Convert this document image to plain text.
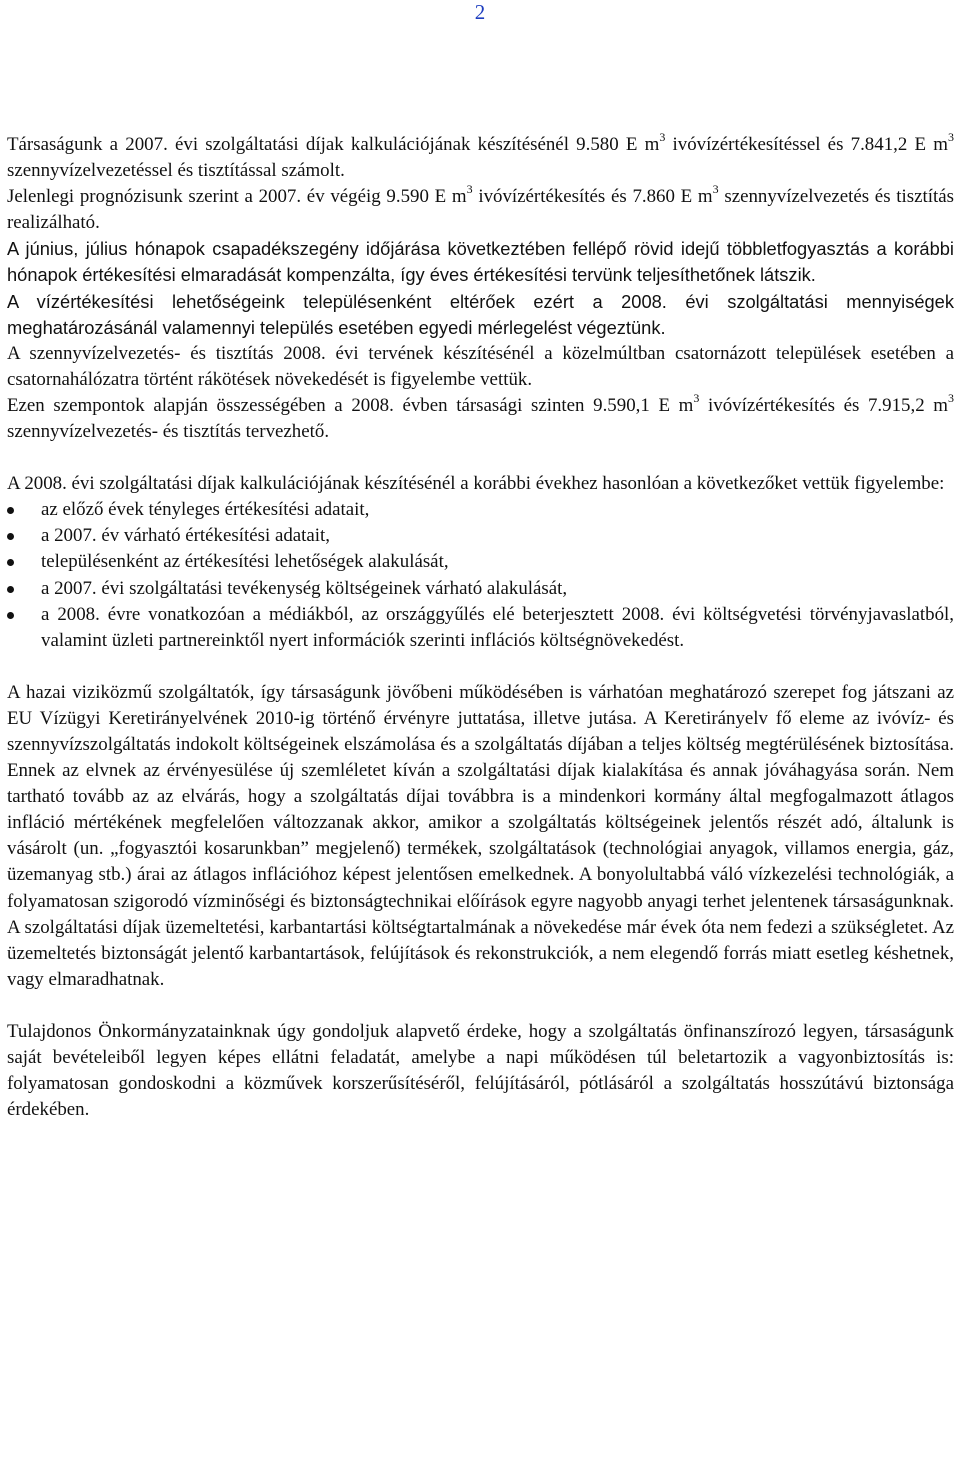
2

Társaságunk a 2007. évi szolgáltatási díjak kalkulációjának készítésénél 9.580 E $m^3$ ivóvízértékesítéssel és 7.841,2 E $m^3$ szennyvízelvezetéssel és tisztítással számolt.

Jelenlegi prognózisunk szerint a 2007. év végéig 9.590 E $m^3$ ivóvízértékesítés és 7.860 E $m^3$ szennyvízelvezetés és tisztítás realizálható.

A június, július hónapok csapadékszegény időjárása következtében fellépő rövid idejű többletfogyasztás a korábbi hónapok értékesítési elmaradását kompenzálta, így éves értékesítési tervünk teljesíthetőnek látszik.

A vízértékesítési lehetőségeink településenként eltérőek ezért a 2008. évi szolgáltatási mennyiségek meghatározásánál valamennyi település esetében egyedi mérlegelést végeztünk.

A szennyvízelvezetés- és tisztítás 2008. évi tervének készítésénél a közelmúltban csatornázott települések esetében a csatornahálózatra történt rákötések növekedését is figyelembe vettük.

Ezen szempontok alapján összességében a 2008. évben társasági szinten 9.590,1 E $m^3$ ivóvízértékesítés és 7.915,2 $m^3$ szennyvízelvezetés- és tisztítás tervezhető.

A 2008. évi szolgáltatási díjak kalkulációjának készítésénél a korábbi évekhez hasonlóan a következőket vettük figyelembe:

az előző évek tényleges értékesítési adatait,
a 2007. év várható értékesítési adatait,
településenként az értékesítési lehetőségek alakulását,
a 2007. évi szolgáltatási tevékenység költségeinek várható alakulását,
a 2008. évre vonatkozóan a médiákból, az országgyűlés elé beterjesztett 2008. évi költségvetési törvényjavaslatból, valamint üzleti partnereinktől nyert információk szerinti inflációs költségnövekedést.

A hazai viziközmű szolgáltatók, így társaságunk jövőbeni működésében is várhatóan meghatározó szerepet fog játszani az EU Vízügyi Keretirányelvének 2010-ig történő érvényre juttatása, illetve jutása. A Keretirányelv fő eleme az ivóvíz- és szennyvízszolgáltatás indokolt költségeinek elszámolása és a szolgáltatás díjában a teljes költség megtérülésének biztosítása. Ennek az elvnek az érvényesülése új szemléletet kíván a szolgáltatási díjak kialakítása és annak jóváhagyása során. Nem tartható tovább az az elvárás, hogy a szolgáltatás díjai továbbra is a mindenkori kormány által megfogalmazott átlagos infláció mértékének megfelelően változzanak akkor, amikor a szolgáltatás költségeinek jelentős részét adó, általunk is vásárolt (un. „fogyasztói kosarunkban” megjelenő) termékek, szolgáltatások (technológiai anyagok, villamos energia, gáz, üzemanyag stb.) árai az átlagos inflációhoz képest jelentősen emelkednek. A bonyolultabbá váló vízkezelési technológiák, a folyamatosan szigorodó vízminőségi és biztonságtechnikai előírások egyre nagyobb anyagi terhet jelentenek társaságunknak. A szolgáltatási díjak üzemeltetési, karbantartási költségtartalmának a növekedése már évek óta nem fedezi a szükségletet. Az üzemeltetés biztonságát jelentő karbantartások, felújítások és rekonstrukciók, a nem elegendő forrás miatt esetleg késhetnek, vagy elmaradhatnak.

Tulajdonos Önkormányzatainknak úgy gondoljuk alapvető érdeke, hogy a szolgáltatás önfinanszírozó legyen, társaságunk saját bevételeiből legyen képes ellátni feladatát, amelybe a napi működésen túl beletartozik a vagyonbiztosítás is: folyamatosan gondoskodni a közművek korszerűsítéséről, felújításáról, pótlásáról a szolgáltatás hosszútávú biztonsága érdekében.
